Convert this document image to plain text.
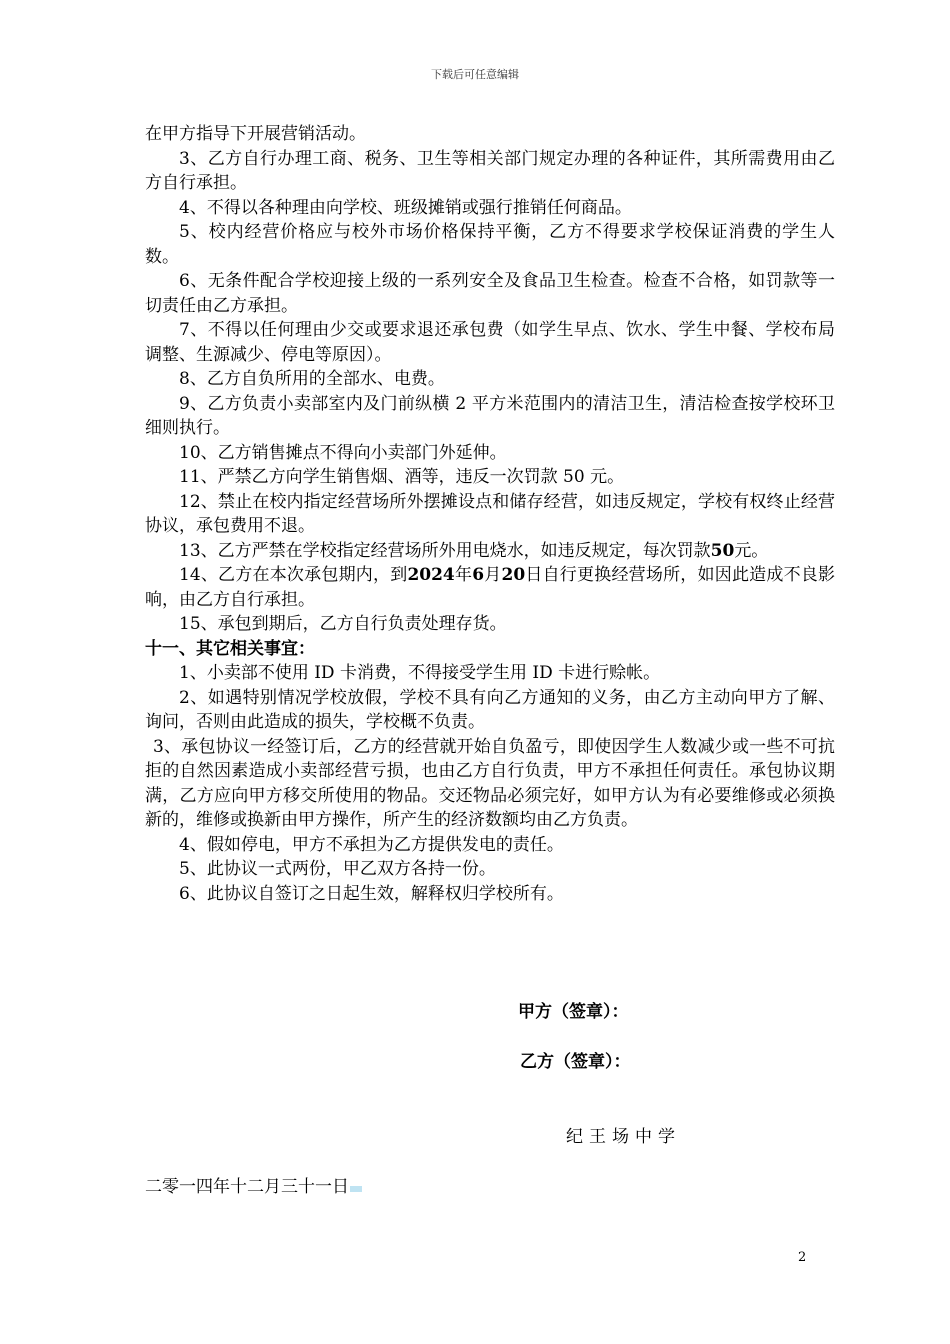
下载后可任意编辑

在甲方指导下开展营销活动。

3、乙方自行办理工商、税务、卫生等相关部门规定办理的各种证件，其所需费用由乙方自行承担。

4、不得以各种理由向学校、班级摊销或强行推销任何商品。

5、校内经营价格应与校外市场价格保持平衡，乙方不得要求学校保证消费的学生人数。

6、无条件配合学校迎接上级的一系列安全及食品卫生检查。检查不合格，如罚款等一切责任由乙方承担。

7、不得以任何理由少交或要求退还承包费（如学生早点、饮水、学生中餐、学校布局调整、生源减少、停电等原因）。

8、乙方自负所用的全部水、电费。

9、乙方负责小卖部室内及门前纵横 2 平方米范围内的清洁卫生，清洁检查按学校环卫细则执行。

10、乙方销售摊点不得向小卖部门外延伸。

11、严禁乙方向学生销售烟、酒等，违反一次罚款 50 元。

12、禁止在校内指定经营场所外摆摊设点和储存经营，如违反规定，学校有权终止经营协议，承包费用不退。

13、乙方严禁在学校指定经营场所外用电烧水，如违反规定，每次罚款50元。

14、乙方在本次承包期内，到2024年6月20日自行更换经营场所，如因此造成不良影响，由乙方自行承担。

15、承包到期后，乙方自行负责处理存货。

十一、其它相关事宜：

1、小卖部不使用 ID 卡消费，不得接受学生用 ID 卡进行赊帐。

2、如遇特别情况学校放假，学校不具有向乙方通知的义务，由乙方主动向甲方了解、询问，否则由此造成的损失，学校概不负责。

3、承包协议一经签订后，乙方的经营就开始自负盈亏，即使因学生人数减少或一些不可抗拒的自然因素造成小卖部经营亏损，也由乙方自行负责，甲方不承担任何责任。承包协议期满，乙方应向甲方移交所使用的物品。交还物品必须完好，如甲方认为有必要维修或必须换新的，维修或换新由甲方操作，所产生的经济数额均由乙方负责。

4、假如停电，甲方不承担为乙方提供发电的责任。

5、此协议一式两份，甲乙双方各持一份。

6、此协议自签订之日起生效，解释权归学校所有。

甲方（签章）：
乙方（签章）：
纪王场中学
二零一四年十二月三十一日
2
